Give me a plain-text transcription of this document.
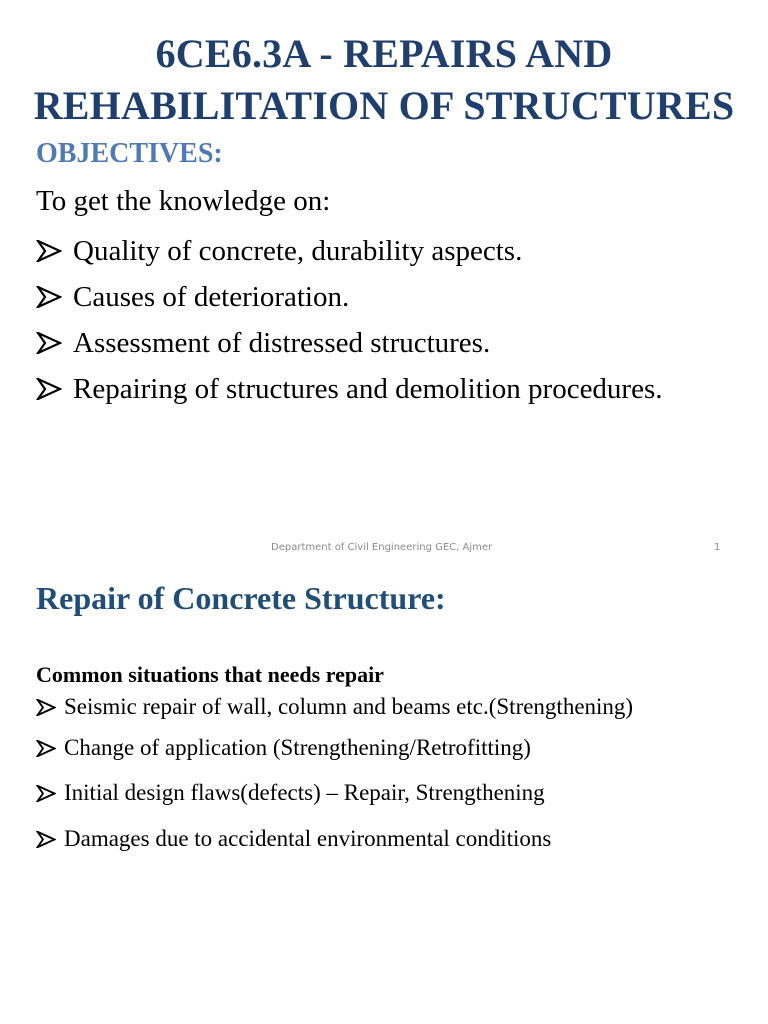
6CE6.3A - REPAIRS AND
REHABILITATION OF STRUCTURES
OBJECTIVES:
To get the knowledge on:
Quality of concrete, durability aspects.
Causes of deterioration.
Assessment of distressed structures.
Repairing of structures and demolition procedures.
Department of Civil Engineering GEC, Ajmer	1
Repair of Concrete Structure:
Common situations that needs repair
Seismic repair of wall, column and beams etc.(Strengthening)
Change of application (Strengthening/Retrofitting)
Initial design flaws(defects) – Repair, Strengthening
Damages due to accidental environmental conditions
